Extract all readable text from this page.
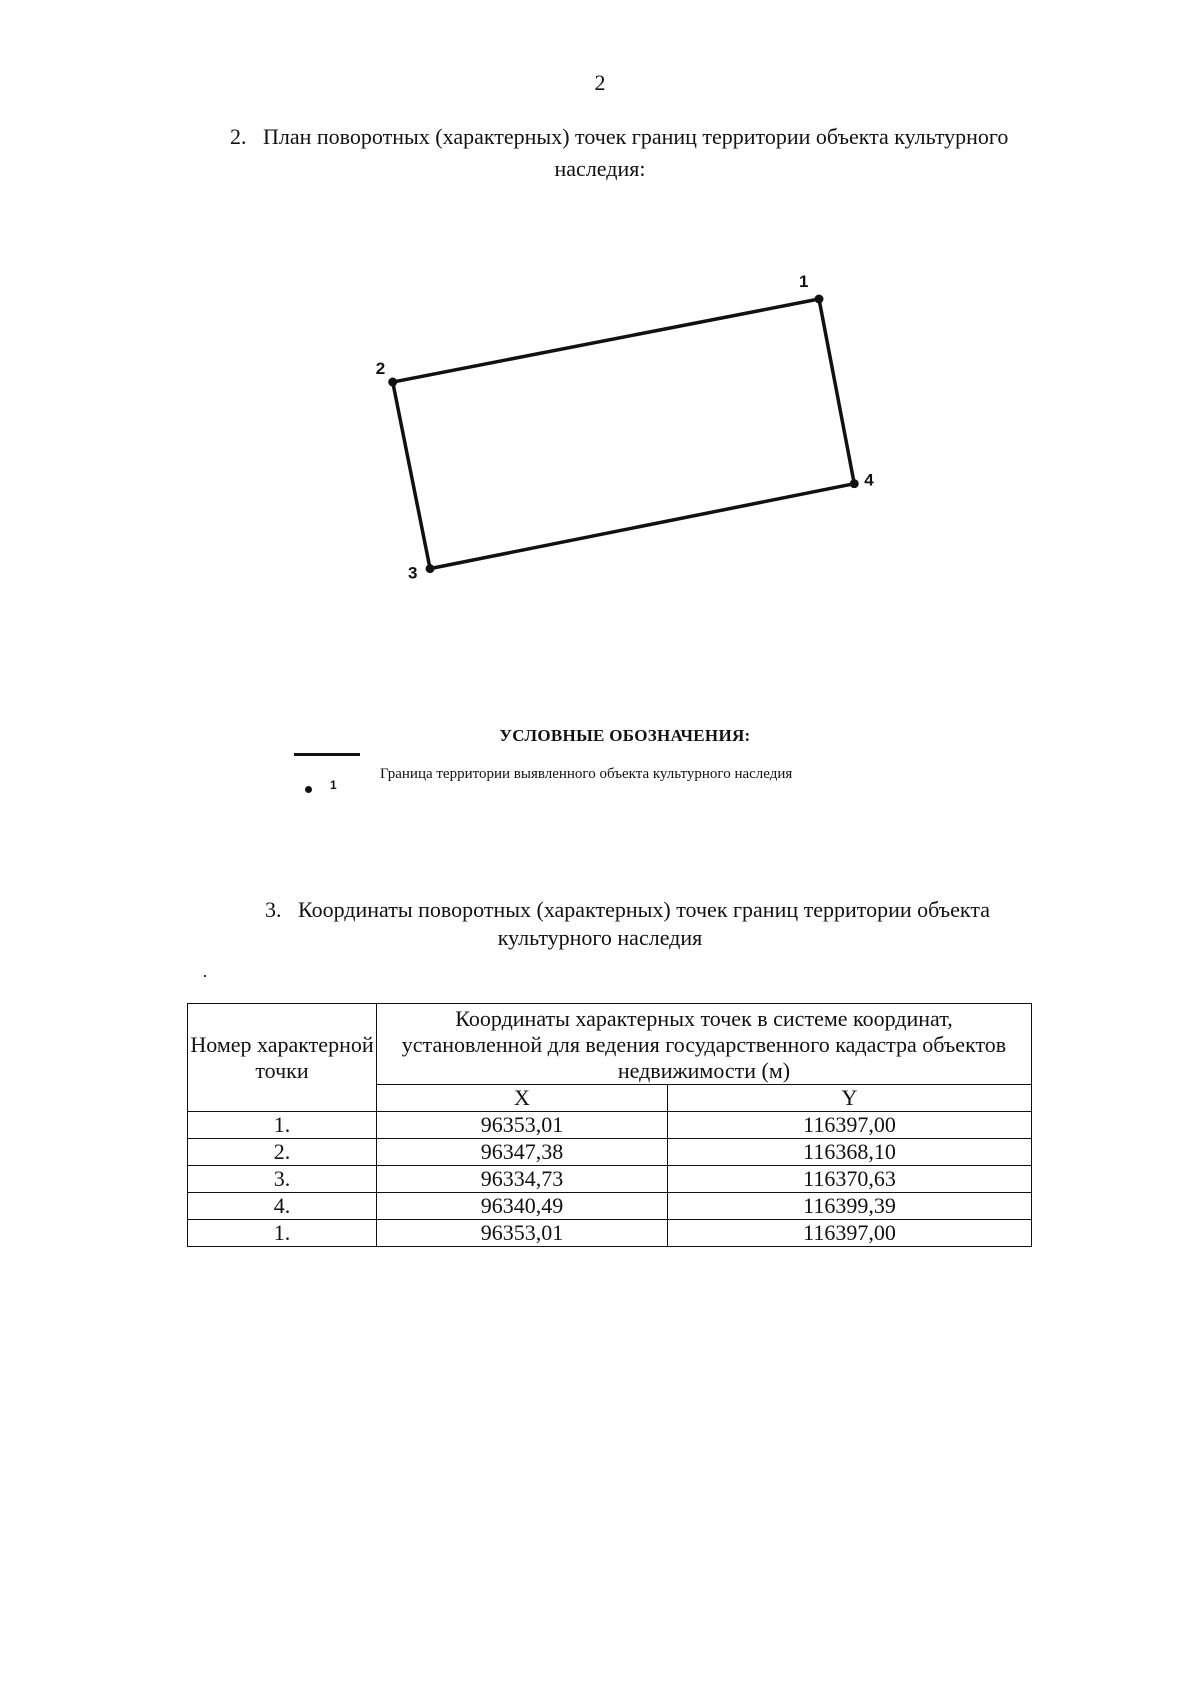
2
2. План поворотных (характерных) точек границ территории объекта культурного
наследия:
1
2
3
4
УСЛОВНЫЕ ОБОЗНАЧЕНИЯ:
1
Граница территории выявленного объекта культурного наследия
3. Координаты поворотных (характерных) точек границ территории объекта
культурного наследия
Номер характерной точки	Координаты характерных точек в системе координат, установленной для ведения государственного кадастра объектов недвижимости (м)	
	X	Y
1.	96353,01	116397,00
2.	96347,38	116368,10
3.	96334,73	116370,63
4.	96340,49	116399,39
1.	96353,01	116397,00
